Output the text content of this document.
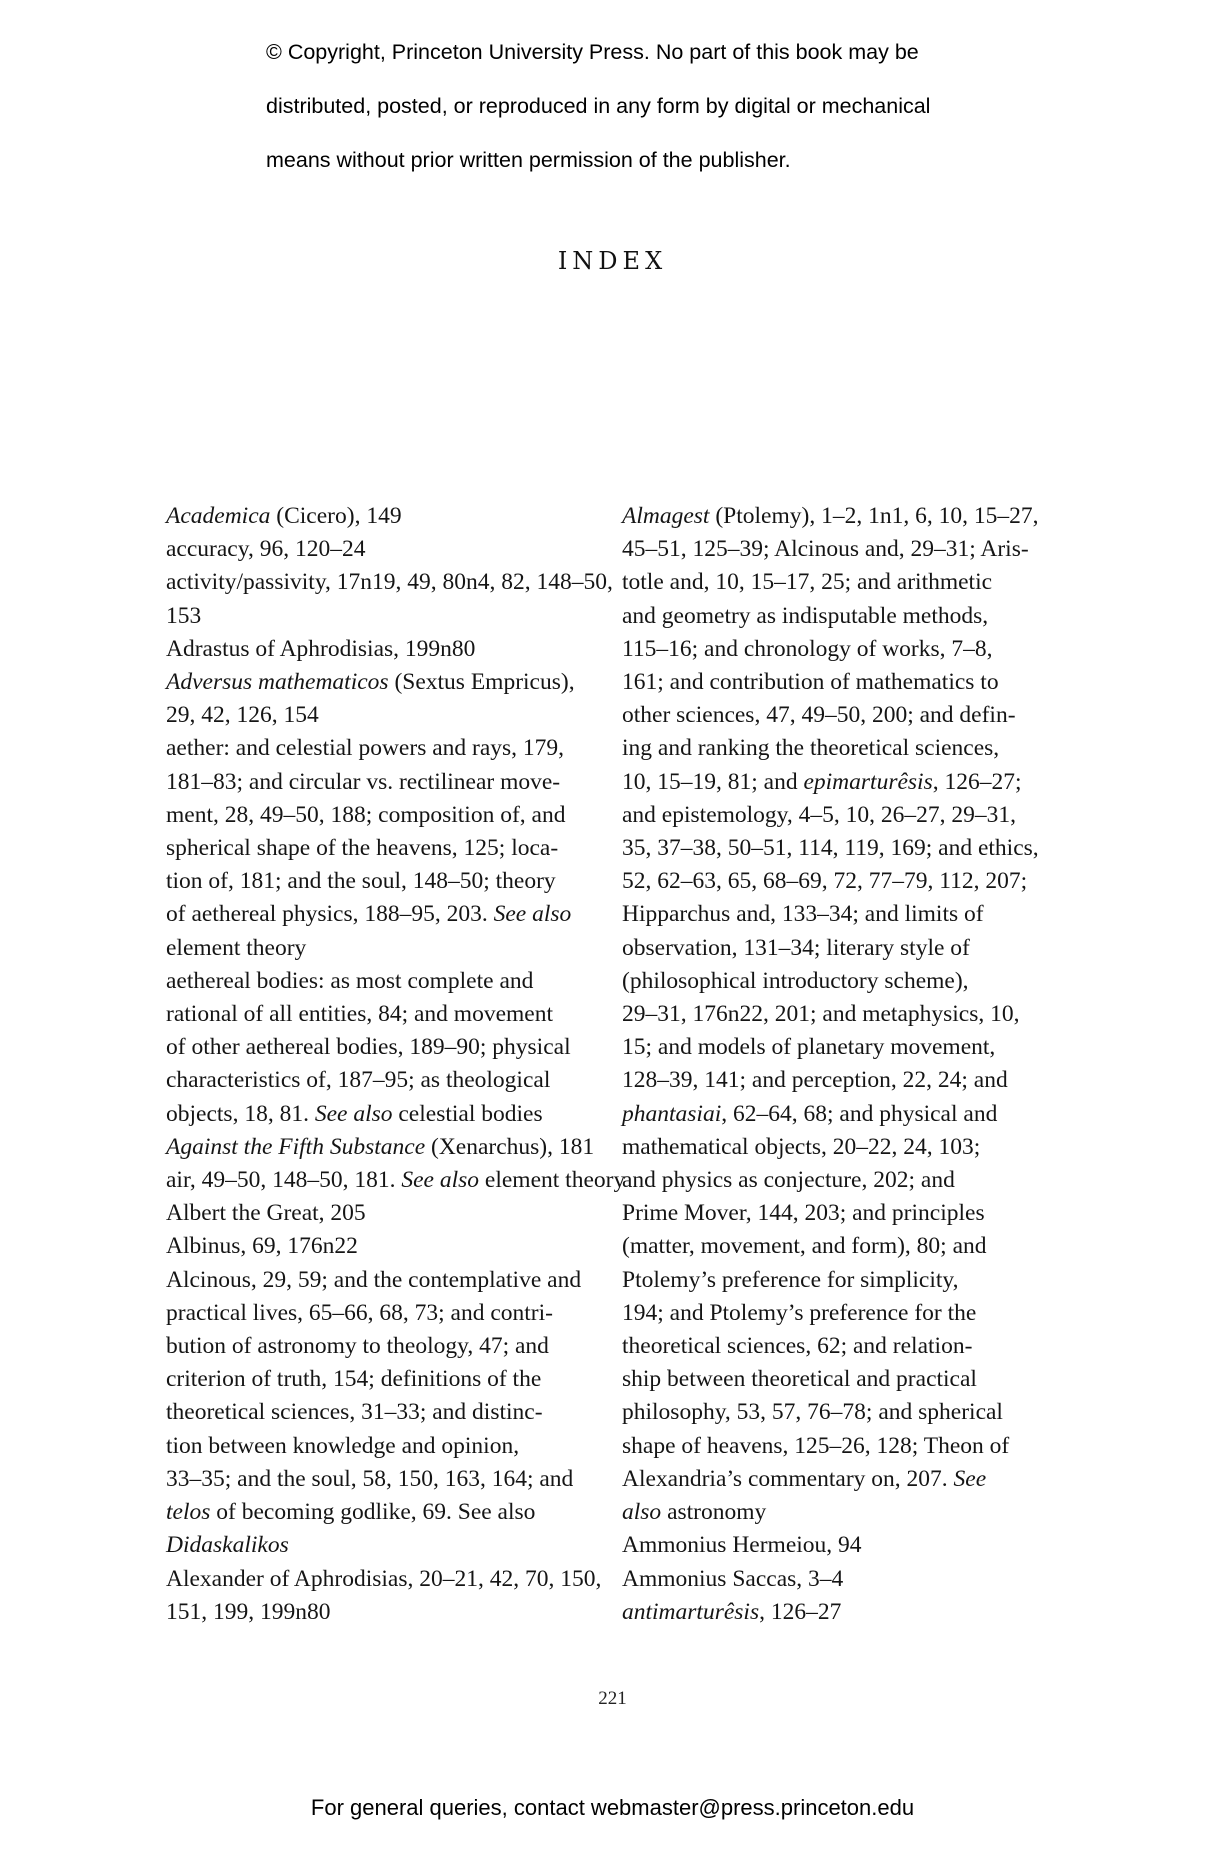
© Copyright, Princeton University Press. No part of this book may be

distributed, posted, or reproduced in any form by digital or mechanical

means without prior written permission of the publisher.

INDEX
Academica (Cicero), 149
accuracy, 96, 120–24
activity/passivity, 17n19, 49, 80n4, 82, 148–50,
153
Adrastus of Aphrodisias, 199n80
Adversus mathematicos (Sextus Empricus),
29, 42, 126, 154
aether: and celestial powers and rays, 179,
181–83; and circular vs. rectilinear move-
ment, 28, 49–50, 188; composition of, and
spherical shape of the heavens, 125; loca-
tion of, 181; and the soul, 148–50; theory
of aethereal physics, 188–95, 203. See also
element theory
aethereal bodies: as most complete and
rational of all entities, 84; and movement
of other aethereal bodies, 189–90; physical
characteristics of, 187–95; as theological
objects, 18, 81. See also celestial bodies
Against the Fifth Substance (Xenarchus), 181
air, 49–50, 148–50, 181. See also element theory
Albert the Great, 205
Albinus, 69, 176n22
Alcinous, 29, 59; and the contemplative and
practical lives, 65–66, 68, 73; and contri-
bution of astronomy to theology, 47; and
criterion of truth, 154; definitions of the
theoretical sciences, 31–33; and distinc-
tion between knowledge and opinion,
33–35; and the soul, 58, 150, 163, 164; and
telos of becoming godlike, 69. See also
Didaskalikos
Alexander of Aphrodisias, 20–21, 42, 70, 150,
151, 199, 199n80
Almagest (Ptolemy), 1–2, 1n1, 6, 10, 15–27,
45–51, 125–39; Alcinous and, 29–31; Aris-
totle and, 10, 15–17, 25; and arithmetic
and geometry as indisputable methods,
115–16; and chronology of works, 7–8,
161; and contribution of mathematics to
other sciences, 47, 49–50, 200; and defin-
ing and ranking the theoretical sciences,
10, 15–19, 81; and epimarturêsis, 126–27;
and epistemology, 4–5, 10, 26–27, 29–31,
35, 37–38, 50–51, 114, 119, 169; and ethics,
52, 62–63, 65, 68–69, 72, 77–79, 112, 207;
Hipparchus and, 133–34; and limits of
observation, 131–34; literary style of
(philosophical introductory scheme),
29–31, 176n22, 201; and metaphysics, 10,
15; and models of planetary movement,
128–39, 141; and perception, 22, 24; and
phantasiai, 62–64, 68; and physical and
mathematical objects, 20–22, 24, 103;
and physics as conjecture, 202; and
Prime Mover, 144, 203; and principles
(matter, movement, and form), 80; and
Ptolemy’s preference for simplicity,
194; and Ptolemy’s preference for the
theoretical sciences, 62; and relation-
ship between theoretical and practical
philosophy, 53, 57, 76–78; and spherical
shape of heavens, 125–26, 128; Theon of
Alexandria’s commentary on, 207. See
also astronomy
Ammonius Hermeiou, 94
Ammonius Saccas, 3–4
antimarturêsis, 126–27
221
For general queries, contact webmaster@press.princeton.edu
